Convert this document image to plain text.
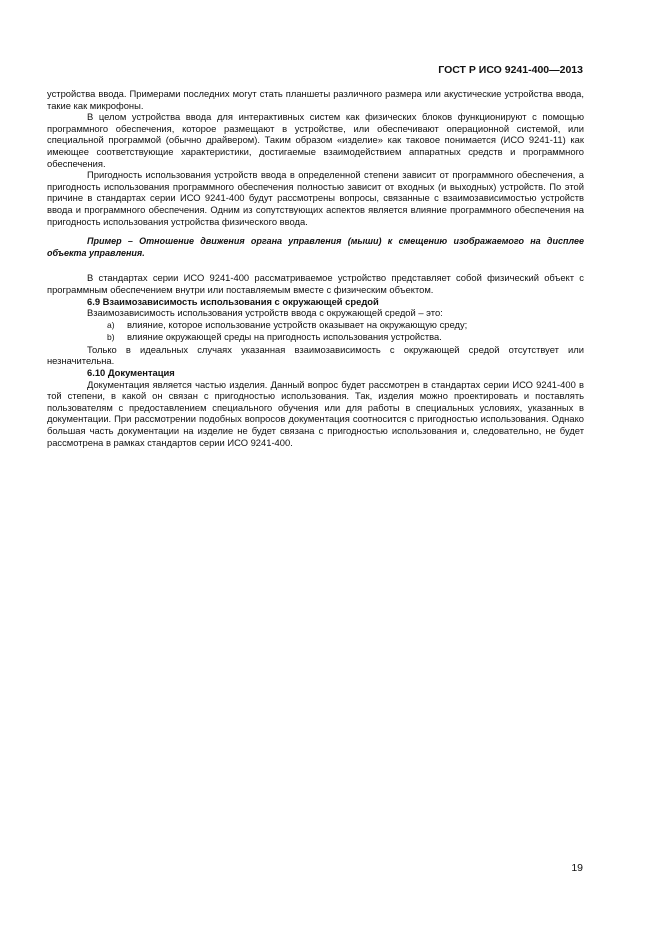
ГОСТ Р ИСО 9241-400—2013

устройства ввода. Примерами последних могут стать планшеты различного размера или акустические устройства ввода, такие как микрофоны.

В целом устройства ввода для интерактивных систем как физических блоков функционируют с помощью программного обеспечения, которое размещают в устройстве, или обеспечивают операционной системой, или специальной программой (обычно драйвером). Таким образом «изделие» как таковое понимается (ИСО 9241-11) как имеющее соответствующие характеристики, достигаемые взаимодействием аппаратных средств и программного обеспечения.

Пригодность использования устройств ввода в определенной степени зависит от программного обеспечения, а пригодность использования программного обеспечения полностью зависит от входных (и выходных) устройств. По этой причине в стандартах серии ИСО 9241-400 будут рассмотрены вопросы, связанные с взаимозависимостью устройств ввода и программного обеспечения. Одним из сопутствующих аспектов является влияние программного обеспечения на пригодность использования устройства физического ввода.

Пример – Отношение движения органа управления (мыши) к смещению изображаемого на дисплее объекта управления.

В стандартах серии ИСО 9241-400 рассматриваемое устройство представляет собой физический объект с программным обеспечением внутри или поставляемым вместе с физическим объектом.

6.9 Взаимозависимость использования с окружающей средой

Взаимозависимость использования устройств ввода с окружающей средой – это:

a) влияние, которое использование устройств оказывает на окружающую среду;

b) влияние окружающей среды на пригодность использования устройства.

Только в идеальных случаях указанная взаимозависимость с окружающей средой отсутствует или незначительна.

6.10 Документация

Документация является частью изделия. Данный вопрос будет рассмотрен в стандартах серии ИСО 9241-400 в той степени, в какой он связан с пригодностью использования. Так, изделия можно проектировать и поставлять пользователям с предоставлением специального обучения или для работы в специальных условиях, указанных в документации. При рассмотрении подобных вопросов документация соотносится с пригодностью использования. Однако большая часть документации на изделие не будет связана с пригодностью использования и, следовательно, не будет рассмотрена в рамках стандартов серии ИСО 9241-400.

19
